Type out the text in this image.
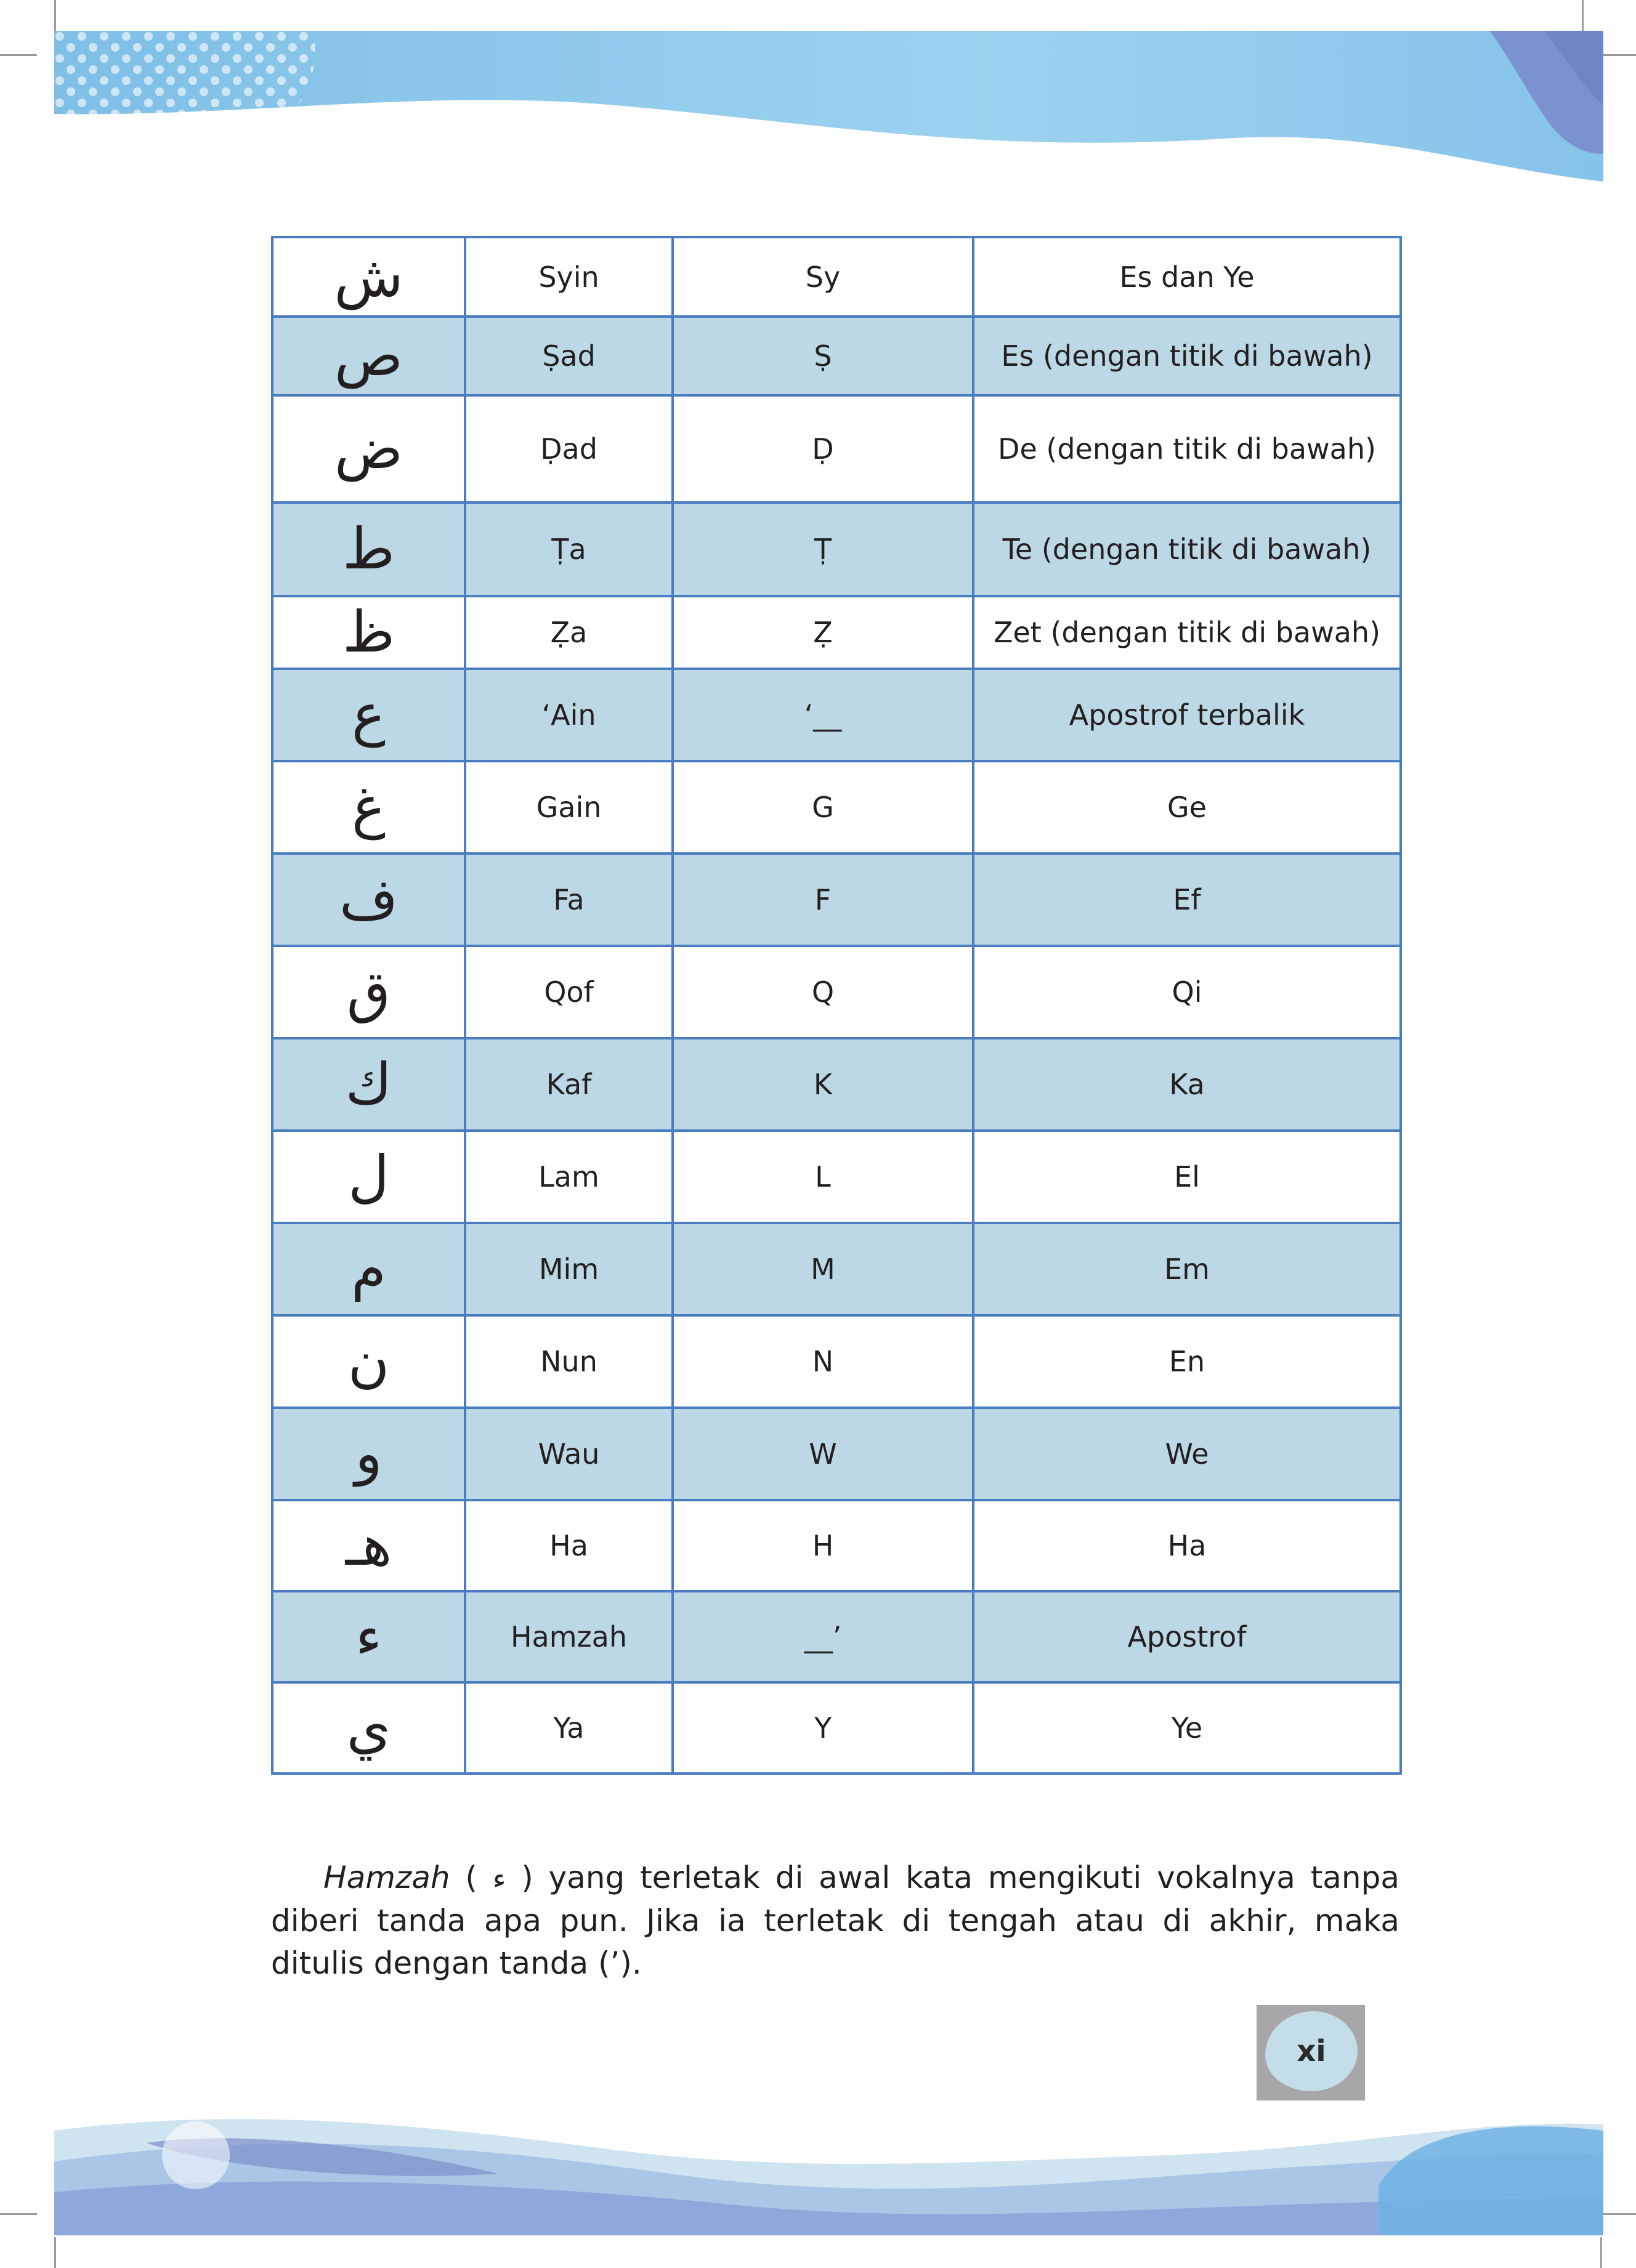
ش	Syin	Sy	Es dan Ye
ص	Ṣad	Ṣ	Es (dengan titik di bawah)
ض	Ḍad	Ḍ	De (dengan titik di bawah)
ط	Ṭa	Ṭ	Te (dengan titik di bawah)
ظ	Ẓa	Ẓ	Zet (dengan titik di bawah)
ع	‘Ain	‘__	Apostrof terbalik
غ	Gain	G	Ge
ف	Fa	F	Ef
ق	Qof	Q	Qi
ك	Kaf	K	Ka
ل	Lam	L	El
م	Mim	M	Em
ن	Nun	N	En
و	Wau	W	We
هـ	Ha	H	Ha
ء	Hamzah	__’	Apostrof
ي	Ya	Y	Ye

Hamzah ( ء ) yang terletak di awal kata mengikuti vokalnya tanpa diberi tanda apa pun. Jika ia terletak di tengah atau di akhir, maka ditulis dengan tanda (’).

xi
